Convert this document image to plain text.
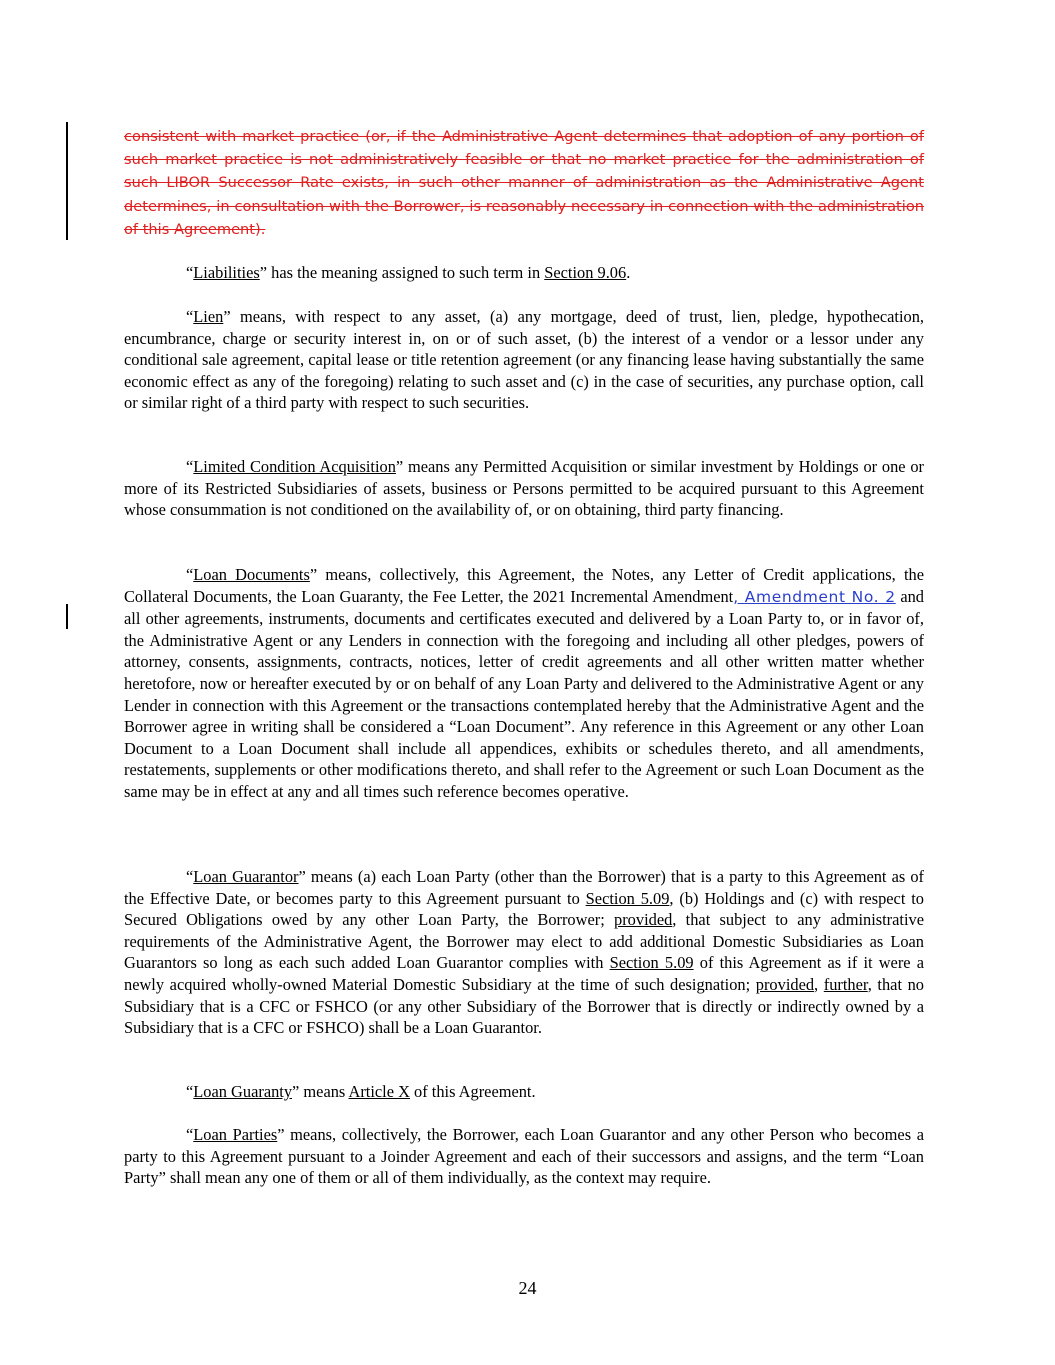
consistent with market practice (or, if the Administrative Agent determines that adoption of any portion of such market practice is not administratively feasible or that no market practice for the administration of such LIBOR Successor Rate exists, in such other manner of administration as the Administrative Agent determines, in consultation with the Borrower, is reasonably necessary in connection with the administration of this Agreement).
“Liabilities” has the meaning assigned to such term in Section 9.06.
“Lien” means, with respect to any asset, (a) any mortgage, deed of trust, lien, pledge, hypothecation, encumbrance, charge or security interest in, on or of such asset, (b) the interest of a vendor or a lessor under any conditional sale agreement, capital lease or title retention agreement (or any financing lease having substantially the same economic effect as any of the foregoing) relating to such asset and (c) in the case of securities, any purchase option, call or similar right of a third party with respect to such securities.
“Limited Condition Acquisition” means any Permitted Acquisition or similar investment by Holdings or one or more of its Restricted Subsidiaries of assets, business or Persons permitted to be acquired pursuant to this Agreement whose consummation is not conditioned on the availability of, or on obtaining, third party financing.
“Loan Documents” means, collectively, this Agreement, the Notes, any Letter of Credit applications, the Collateral Documents, the Loan Guaranty, the Fee Letter, the 2021 Incremental Amendment, Amendment No. 2 and all other agreements, instruments, documents and certificates executed and delivered by a Loan Party to, or in favor of, the Administrative Agent or any Lenders in connection with the foregoing and including all other pledges, powers of attorney, consents, assignments, contracts, notices, letter of credit agreements and all other written matter whether heretofore, now or hereafter executed by or on behalf of any Loan Party and delivered to the Administrative Agent or any Lender in connection with this Agreement or the transactions contemplated hereby that the Administrative Agent and the Borrower agree in writing shall be considered a “Loan Document”. Any reference in this Agreement or any other Loan Document to a Loan Document shall include all appendices, exhibits or schedules thereto, and all amendments, restatements, supplements or other modifications thereto, and shall refer to the Agreement or such Loan Document as the same may be in effect at any and all times such reference becomes operative.
“Loan Guarantor” means (a) each Loan Party (other than the Borrower) that is a party to this Agreement as of the Effective Date, or becomes party to this Agreement pursuant to Section 5.09, (b) Holdings and (c) with respect to Secured Obligations owed by any other Loan Party, the Borrower; provided, that subject to any administrative requirements of the Administrative Agent, the Borrower may elect to add additional Domestic Subsidiaries as Loan Guarantors so long as each such added Loan Guarantor complies with Section 5.09 of this Agreement as if it were a newly acquired wholly-owned Material Domestic Subsidiary at the time of such designation; provided, further, that no Subsidiary that is a CFC or FSHCO (or any other Subsidiary of the Borrower that is directly or indirectly owned by a Subsidiary that is a CFC or FSHCO) shall be a Loan Guarantor.
“Loan Guaranty” means Article X of this Agreement.
“Loan Parties” means, collectively, the Borrower, each Loan Guarantor and any other Person who becomes a party to this Agreement pursuant to a Joinder Agreement and each of their successors and assigns, and the term “Loan Party” shall mean any one of them or all of them individually, as the context may require.
24
